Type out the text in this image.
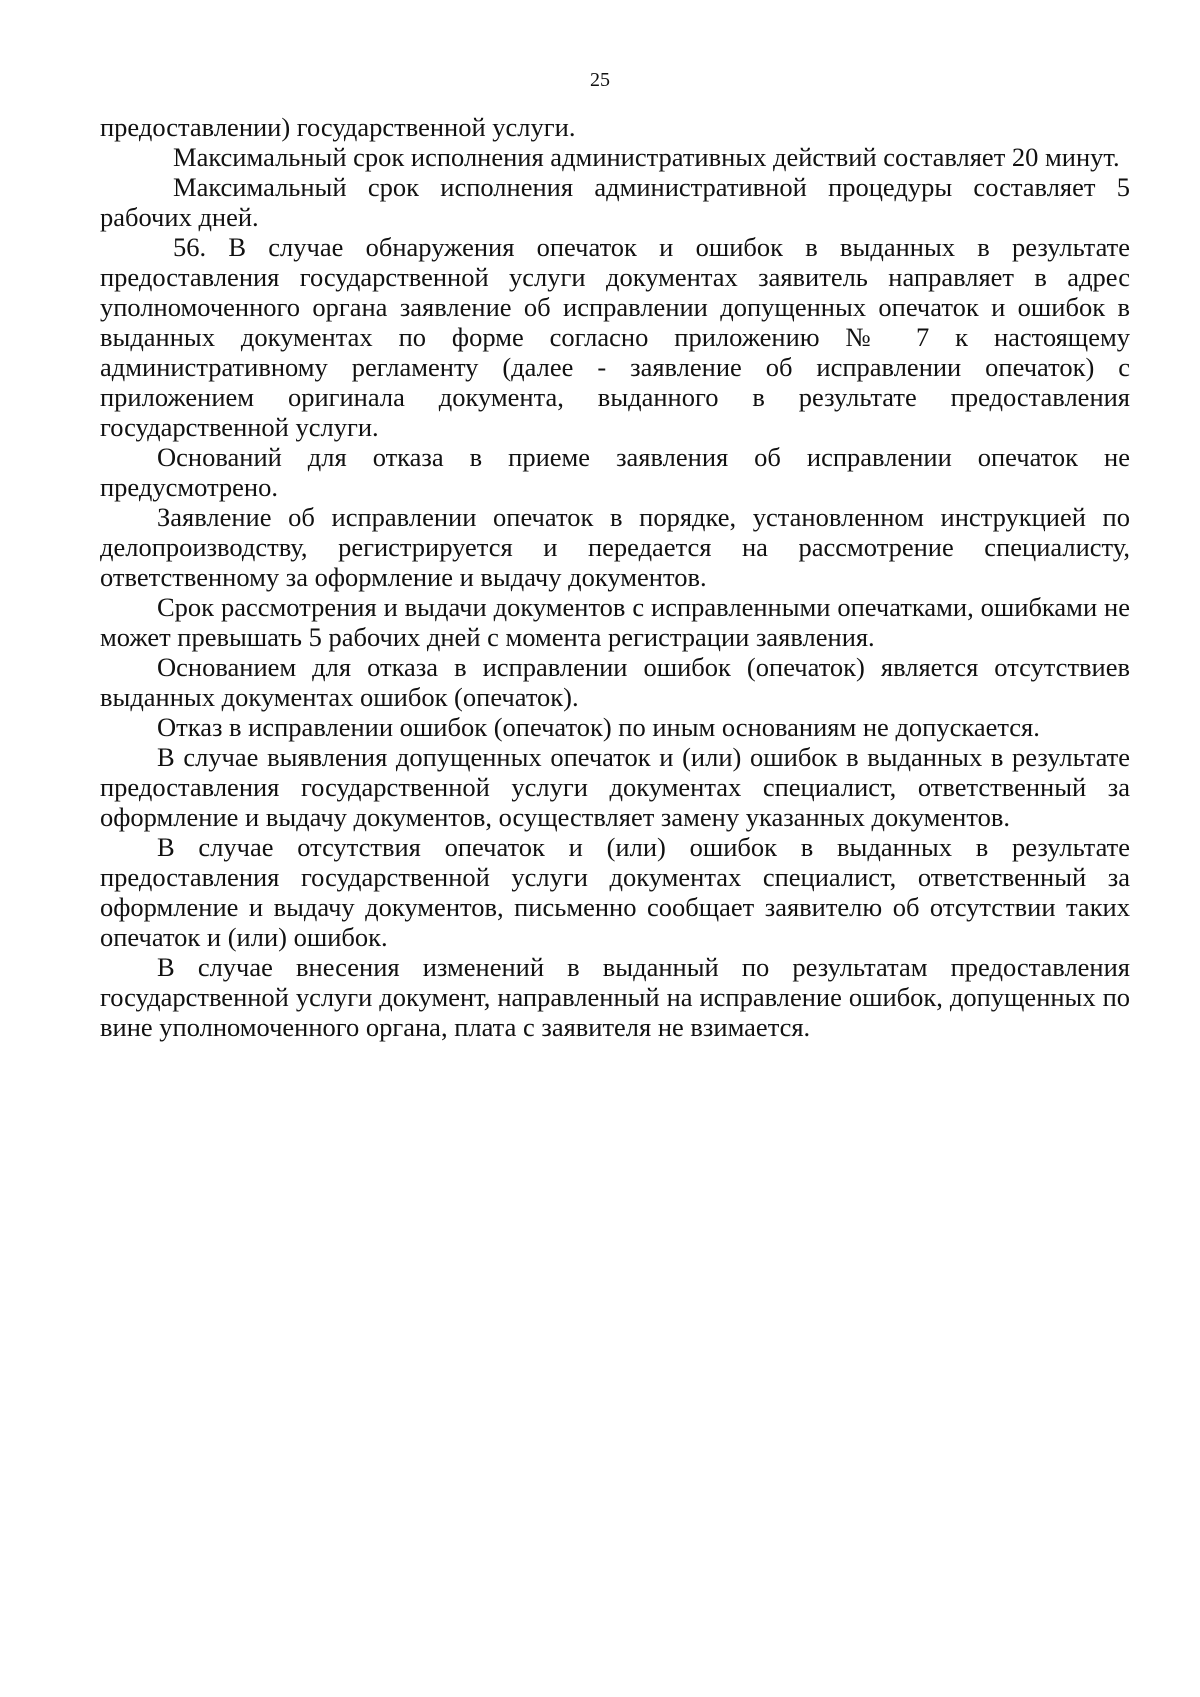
25

предоставлении) государственной услуги.

Максимальный срок исполнения административных действий составляет 20 минут.

Максимальный срок исполнения административной процедуры составляет 5 рабочих дней.

56. В случае обнаружения опечаток и ошибок в выданных в результате предоставления государственной услуги документах заявитель направляет в адрес уполномоченного органа заявление об исправлении допущенных опечаток и ошибок в выданных документах по форме согласно приложению № 7 к настоящему административному регламенту (далее - заявление об исправлении опечаток) с приложением оригинала документа, выданного в результате предоставления государственной услуги.

Оснований для отказа в приеме заявления об исправлении опечаток не предусмотрено.

Заявление об исправлении опечаток в порядке, установленном инструкцией по делопроизводству, регистрируется и передается на рассмотрение специалисту, ответственному за оформление и выдачу документов.

Срок рассмотрения и выдачи документов с исправленными опечатками, ошибками не может превышать 5 рабочих дней с момента регистрации заявления.

Основанием для отказа в исправлении ошибок (опечаток) является отсутствиев выданных документах ошибок (опечаток).

Отказ в исправлении ошибок (опечаток) по иным основаниям не допускается.

В случае выявления допущенных опечаток и (или) ошибок в выданных в результате предоставления государственной услуги документах специалист, ответственный за оформление и выдачу документов, осуществляет замену указанных документов.

В случае отсутствия опечаток и (или) ошибок в выданных в результате предоставления государственной услуги документах специалист, ответственный за оформление и выдачу документов, письменно сообщает заявителю об отсутствии таких опечаток и (или) ошибок.

В случае внесения изменений в выданный по результатам предоставления государственной услуги документ, направленный на исправление ошибок, допущенных по вине уполномоченного органа, плата с заявителя не взимается.
